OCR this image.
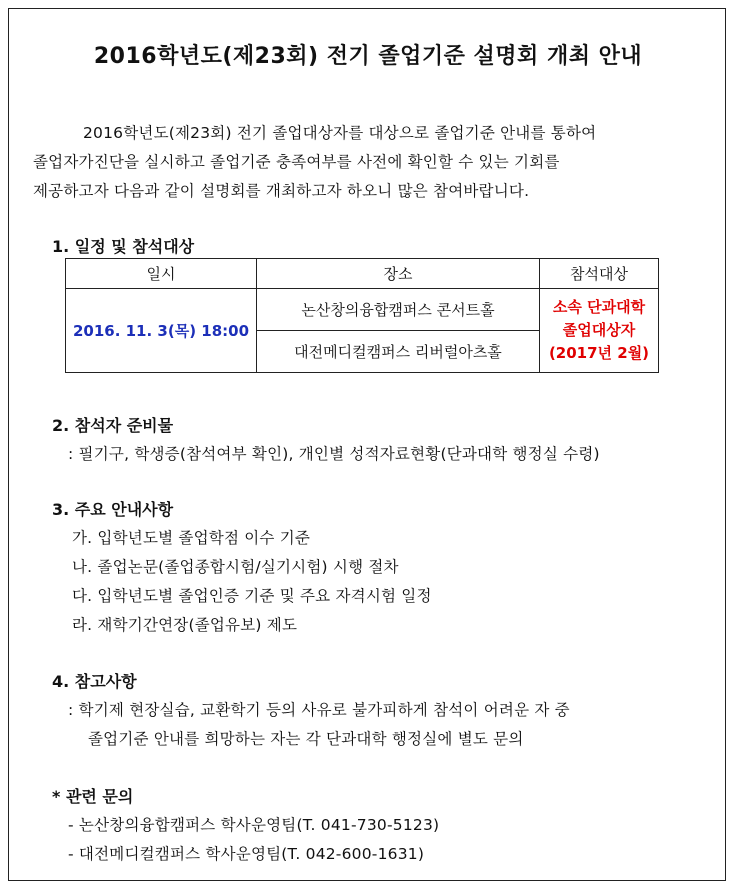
2016학년도(제23회) 전기 졸업기준 설명회 개최 안내
2016학년도(제23회) 전기 졸업대상자를 대상으로 졸업기준 안내를 통하여
졸업자가진단을 실시하고 졸업기준 충족여부를 사전에 확인할 수 있는 기회를
제공하고자 다음과 같이 설명회를 개최하고자 하오니 많은 참여바랍니다.
1. 일정 및 참석대상
일시	장소	참석대상
2016. 11. 3(목) 18:00	논산창의융합캠퍼스 콘서트홀	소속 단과대학
졸업대상자
(2017년 2월)

	대전메디컬캠퍼스 리버럴아츠홀	
2. 참석자 준비물
: 필기구, 학생증(참석여부 확인), 개인별 성적자료현황(단과대학 행정실 수령)
3. 주요 안내사항
가. 입학년도별 졸업학점 이수 기준
나. 졸업논문(졸업종합시험/실기시험) 시행 절차
다. 입학년도별 졸업인증 기준 및 주요 자격시험 일정
라. 재학기간연장(졸업유보) 제도
4. 참고사항
: 학기제 현장실습, 교환학기 등의 사유로 불가피하게 참석이 어려운 자 중
졸업기준 안내를 희망하는 자는 각 단과대학 행정실에 별도 문의
* 관련 문의
- 논산창의융합캠퍼스 학사운영팀(T. 041-730-5123)
- 대전메디컬캠퍼스 학사운영팀(T. 042-600-1631)
